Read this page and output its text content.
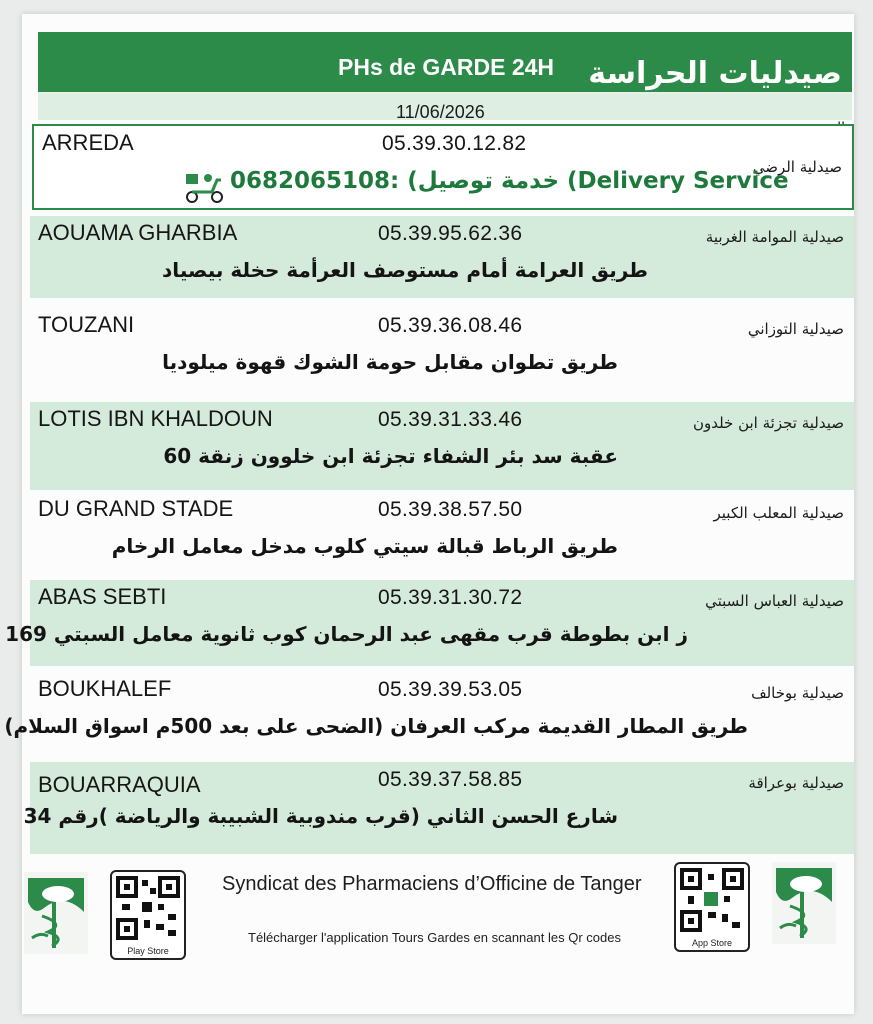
PHs de GARDE 24H صيدليات الحراسة
11/06/2026
ARREDA	05.39.30.12.82
صيدلية الرضي
0682065108: (خدمة توصيل (Delivery Service
AOUAMA GHARBIA	05.39.95.62.36	صيدلية الموامة الغربية
طريق العرامة أمام مستوصف العرأمة حخلة بيصياد
TOUZANI	05.39.36.08.46	صيدلية التوزاني
طريق تطوان مقابل حومة الشوك قهوة ميلوديا
LOTIS IBN KHALDOUN	05.39.31.33.46	صيدلية تجزئة ابن خلدون
عقبة سد بئر الشفاء تجزئة ابن خلوون زنقة 60
DU GRAND STADE	05.39.38.57.50	صيدلية المعلب الكبير
طريق الرباط قبالة سيتي كلوب مدخل معامل الرخام
ABAS SEBTI	05.39.31.30.72	صيدلية العباس السبتي
ز ابن بطوطة قرب مقهى عبد الرحمان كوب ثانوية معامل السبتي 169
BOUKHALEF	05.39.39.53.05	صيدلية بوخالف
طريق المطار القديمة مركب العرفان (الضحى على بعد 500م اسواق السلام)
BOUARRAQUIA	05.39.37.58.85	صيدلية بوعراقة
شارع الحسن الثاني (قرب مندوبية الشبيبة والرياضة )رقم 34
Play Store
Syndicat des Pharmaciens d’Officine de Tanger
Télécharger l'application Tours Gardes en scannant les Qr codes	App Store
